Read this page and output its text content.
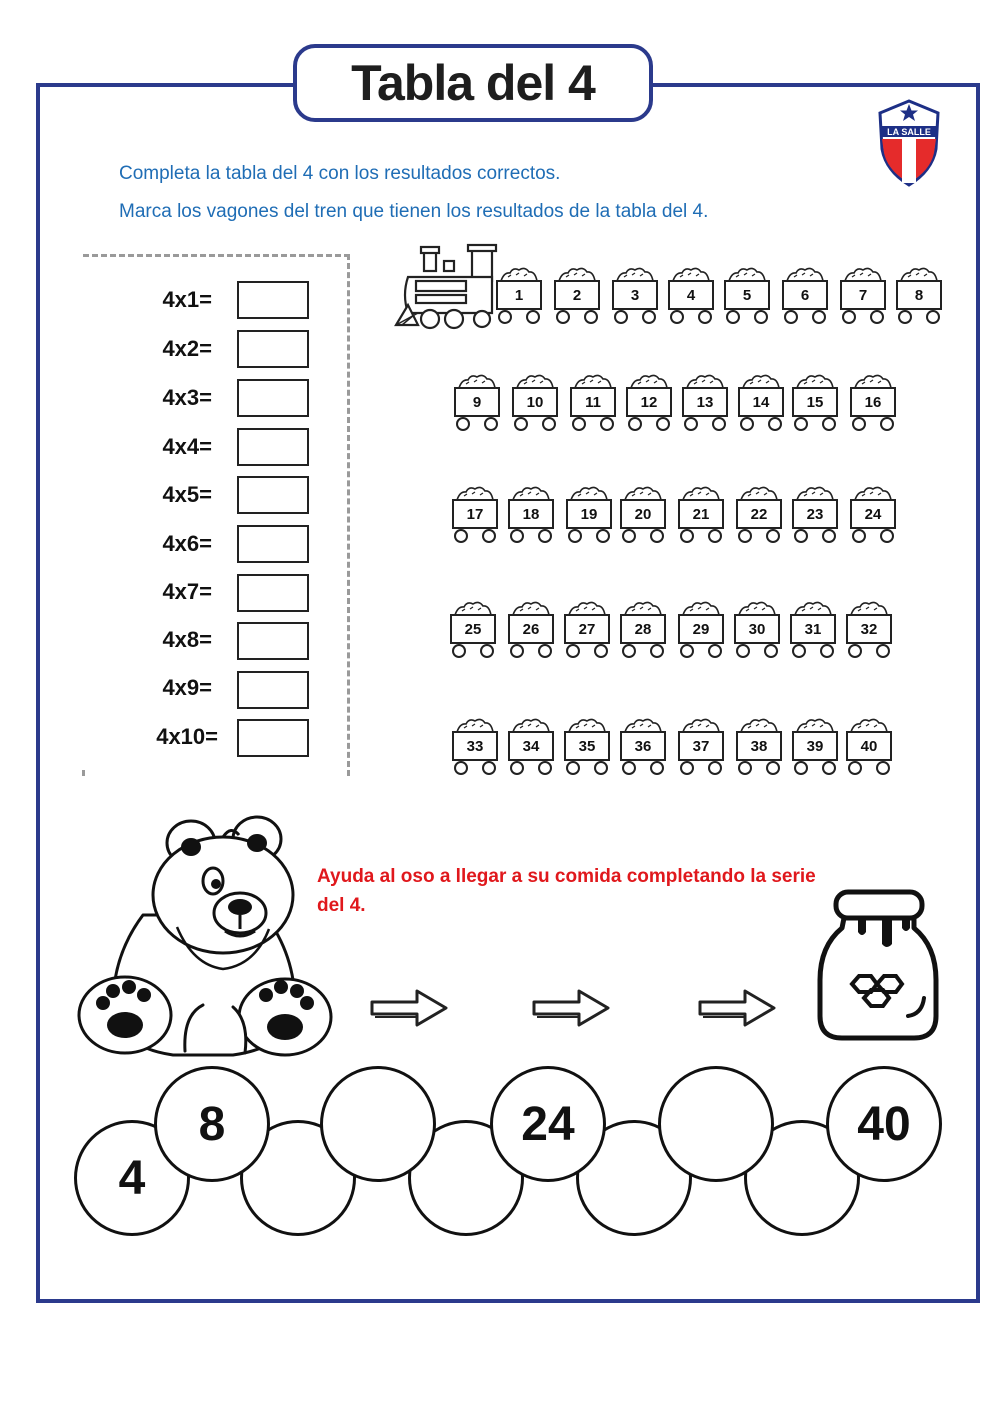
Tabla del 4
LA SALLE
Completa la tabla del 4 con los resultados correctos.
Marca los vagones del tren que tienen los resultados de la tabla del 4.
4x1=
4x2=
4x3=
4x4=
4x5=
4x6=
4x7=
4x8=
4x9=
4x10=
1	2	3	4	5	6	7	8
9	10	11	12	13	14	15	16
17	18	19	20	21	22	23	24
25	26	27	28	29	30	31	32
33	34	35	36	37	38	39	40
Ayuda al oso a llegar a su comida completando la serie del 4.
4
8	24	40
